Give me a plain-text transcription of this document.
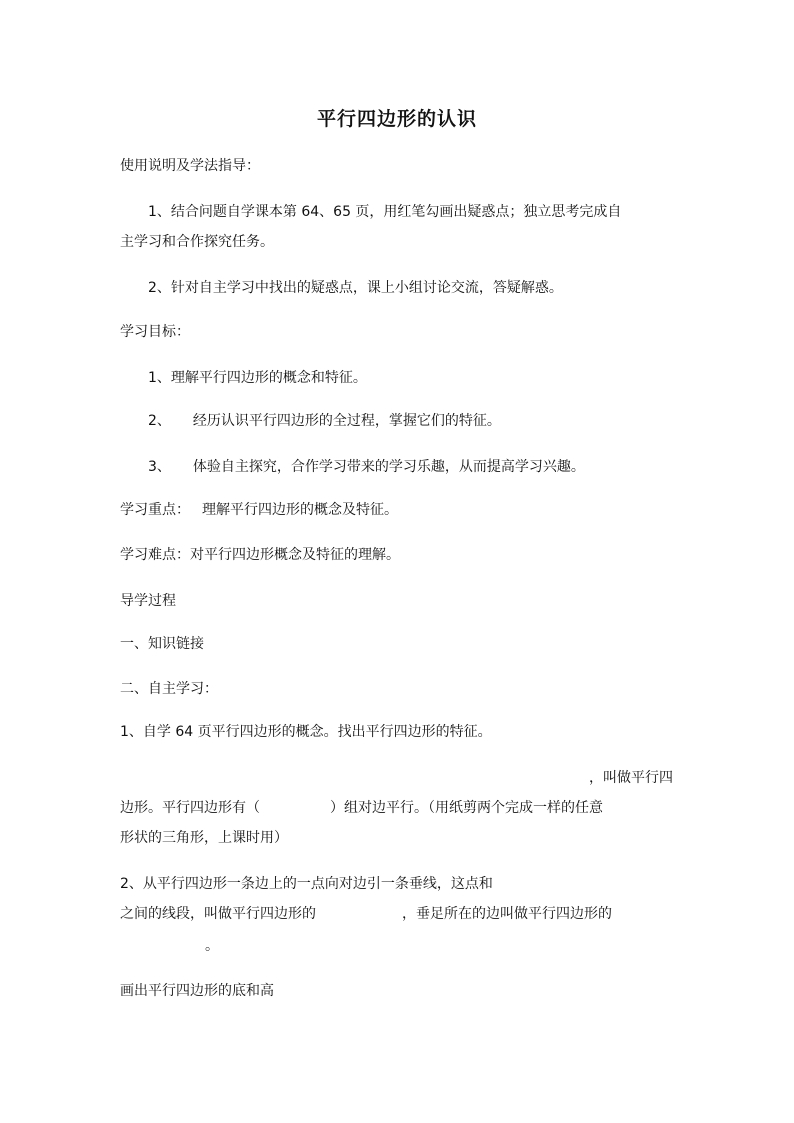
平行四边形的认识
使用说明及学法指导：
1、结合问题自学课本第 64、65 页，用红笔勾画出疑惑点；独立思考完成自
主学习和合作探究任务。
2、针对自主学习中找出的疑惑点，课上小组讨论交流，答疑解惑。
学习目标：
1、理解平行四边形的概念和特征。
2、 经历认识平行四边形的全过程，掌握它们的特征。
3、 体验自主探究，合作学习带来的学习乐趣，从而提高学习兴趣。
学习重点： 理解平行四边形的概念及特征。
学习难点：对平行四边形概念及特征的理解。
导学过程
一、知识链接
二、自主学习：
1、自学 64 页平行四边形的概念。找出平行四边形的特征。
，叫做平行四
边形。平行四边形有（	）组对边平行。（用纸剪两个完成一样的任意
形状的三角形，上课时用）
2、从平行四边形一条边上的一点向对边引一条垂线，这点和
之间的线段，叫做平行四边形的	，垂足所在的边叫做平行四边形的
。
画出平行四边形的底和高
